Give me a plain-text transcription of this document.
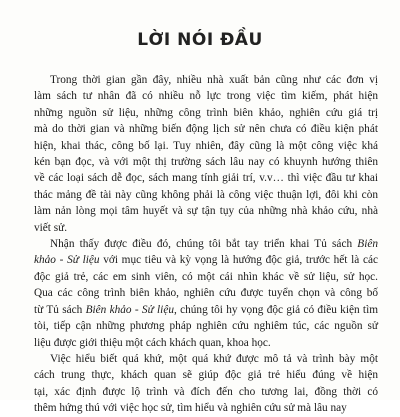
LỜI NÓI ĐẦU
Trong thời gian gần đây, nhiều nhà xuất bản cũng như các đơn vị
làm sách tư nhân đã có nhiều nỗ lực trong việc tìm kiếm, phát hiện
những nguồn sử liệu, những công trình biên khảo, nghiên cứu giá trị
mà do thời gian và những biến động lịch sử nên chưa có điều kiện phát
hiện, khai thác, công bố lại. Tuy nhiên, đây cũng là một công việc khá
kén bạn đọc, và với một thị trường sách lâu nay có khuynh hướng thiên
về các loại sách dễ đọc, sách mang tính giải trí, v.v… thì việc đầu tư khai
thác mảng đề tài này cũng không phải là công việc thuận lợi, đôi khi còn
làm nản lòng mọi tâm huyết và sự tận tụy của những nhà khảo cứu, nhà
viết sử.
Nhận thấy được điều đó, chúng tôi bắt tay triển khai Tủ sách Biên
khảo - Sử liệu với mục tiêu và kỳ vọng là hướng độc giả, trước hết là các
độc giả trẻ, các em sinh viên, có một cái nhìn khác về sử liệu, sử học.
Qua các công trình biên khảo, nghiên cứu được tuyển chọn và công bố
từ Tủ sách Biên khảo - Sử liệu, chúng tôi hy vọng độc giả có điều kiện tìm
tòi, tiếp cận những phương pháp nghiên cứu nghiêm túc, các nguồn sử
liệu được giới thiệu một cách khách quan, khoa học.
Việc hiểu biết quá khứ, một quá khứ được mô tả và trình bày một
cách trung thực, khách quan sẽ giúp độc giả trẻ hiểu đúng về hiện
tại, xác định được lộ trình và đích đến cho tương lai, đồng thời có
thêm hứng thú với việc học sử, tìm hiểu và nghiên cứu sử mà lâu nay
